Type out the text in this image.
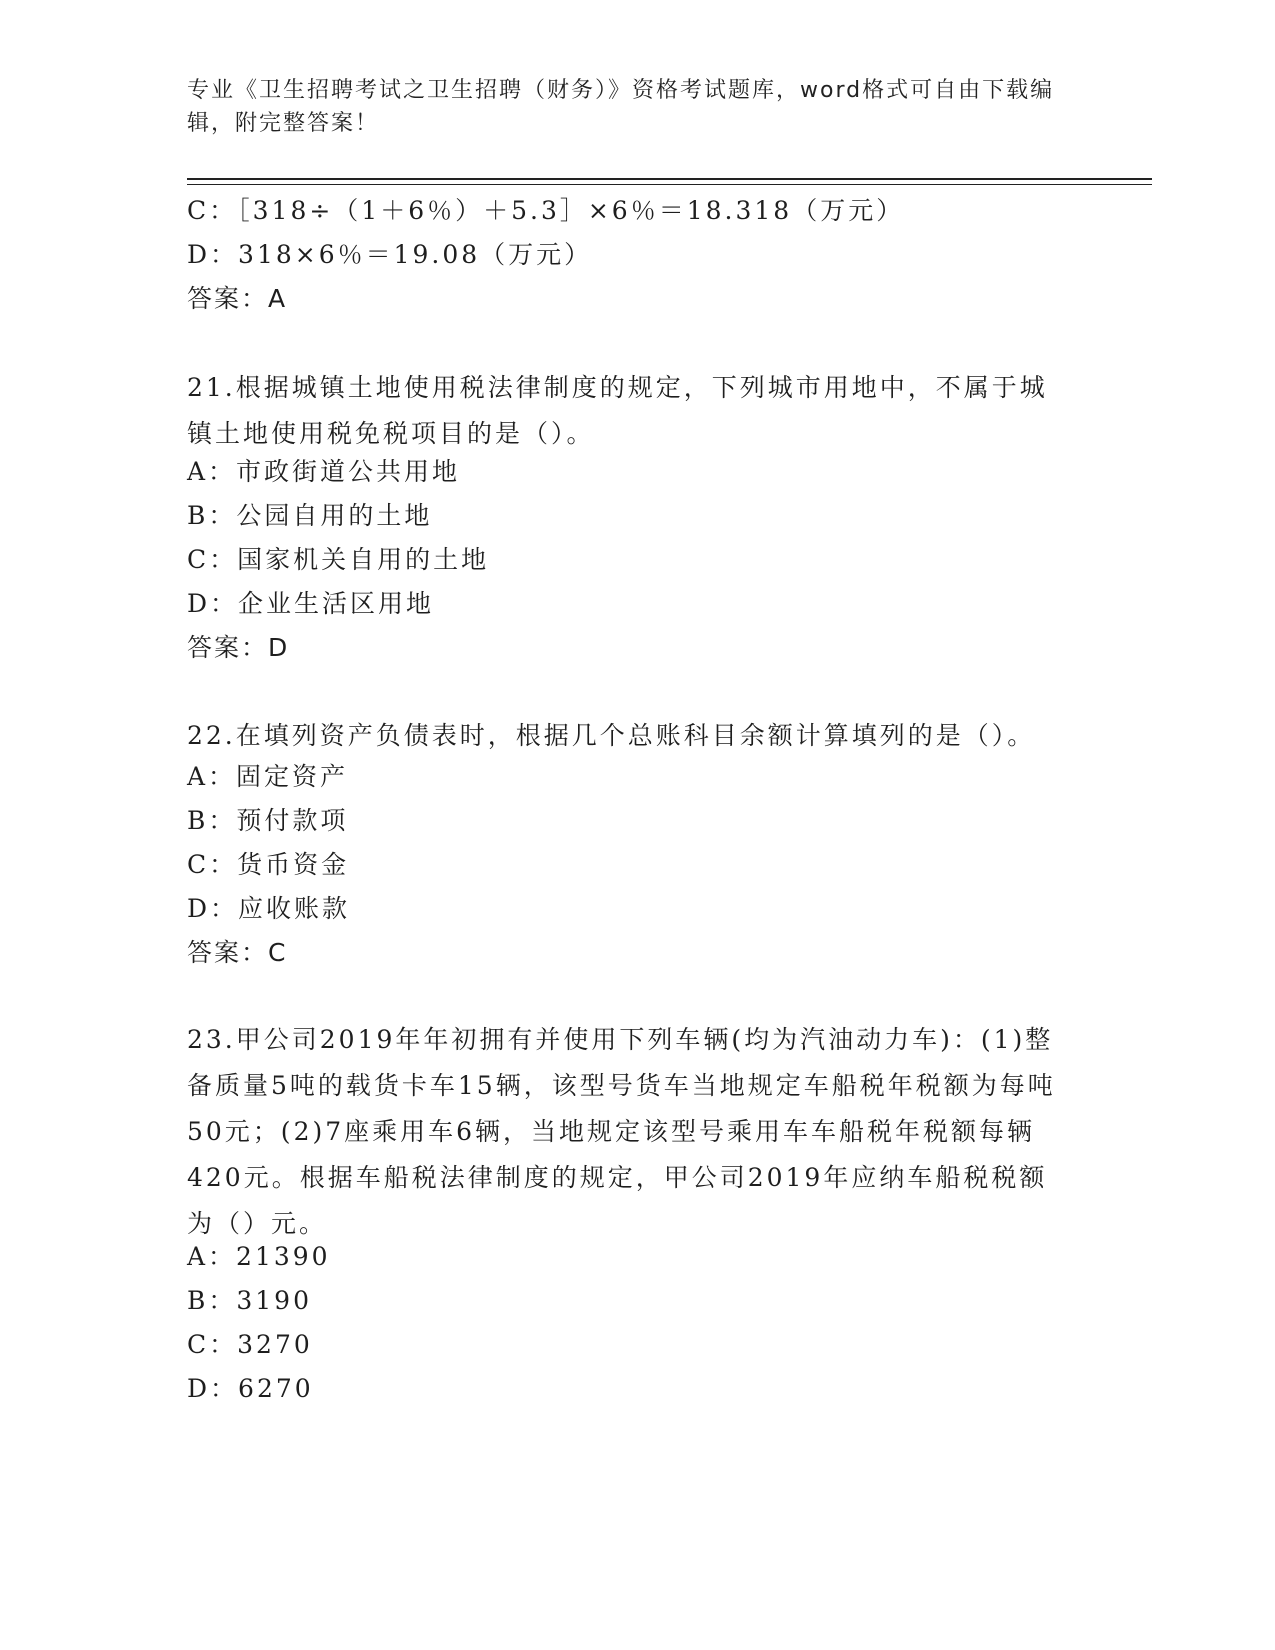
专业《卫生招聘考试之卫生招聘（财务）》资格考试题库，word格式可自由下载编辑，附完整答案！
C：［318÷（1＋6％）＋5.3］×6％＝18.318（万元）
D：318×6％＝19.08（万元）
答案：A
21.根据城镇土地使用税法律制度的规定，下列城市用地中，不属于城镇土地使用税免税项目的是（）。
A：市政街道公共用地
B：公园自用的土地
C：国家机关自用的土地
D：企业生活区用地
答案：D
22.在填列资产负债表时，根据几个总账科目余额计算填列的是（）。
A：固定资产
B：预付款项
C：货币资金
D：应收账款
答案：C
23.甲公司2019年年初拥有并使用下列车辆(均为汽油动力车)：(1)整备质量5吨的载货卡车15辆，该型号货车当地规定车船税年税额为每吨50元；(2)7座乘用车6辆，当地规定该型号乘用车车船税年税额每辆420元。根据车船税法律制度的规定，甲公司2019年应纳车船税税额为（）元。
A：21390
B：3190
C：3270
D：6270
